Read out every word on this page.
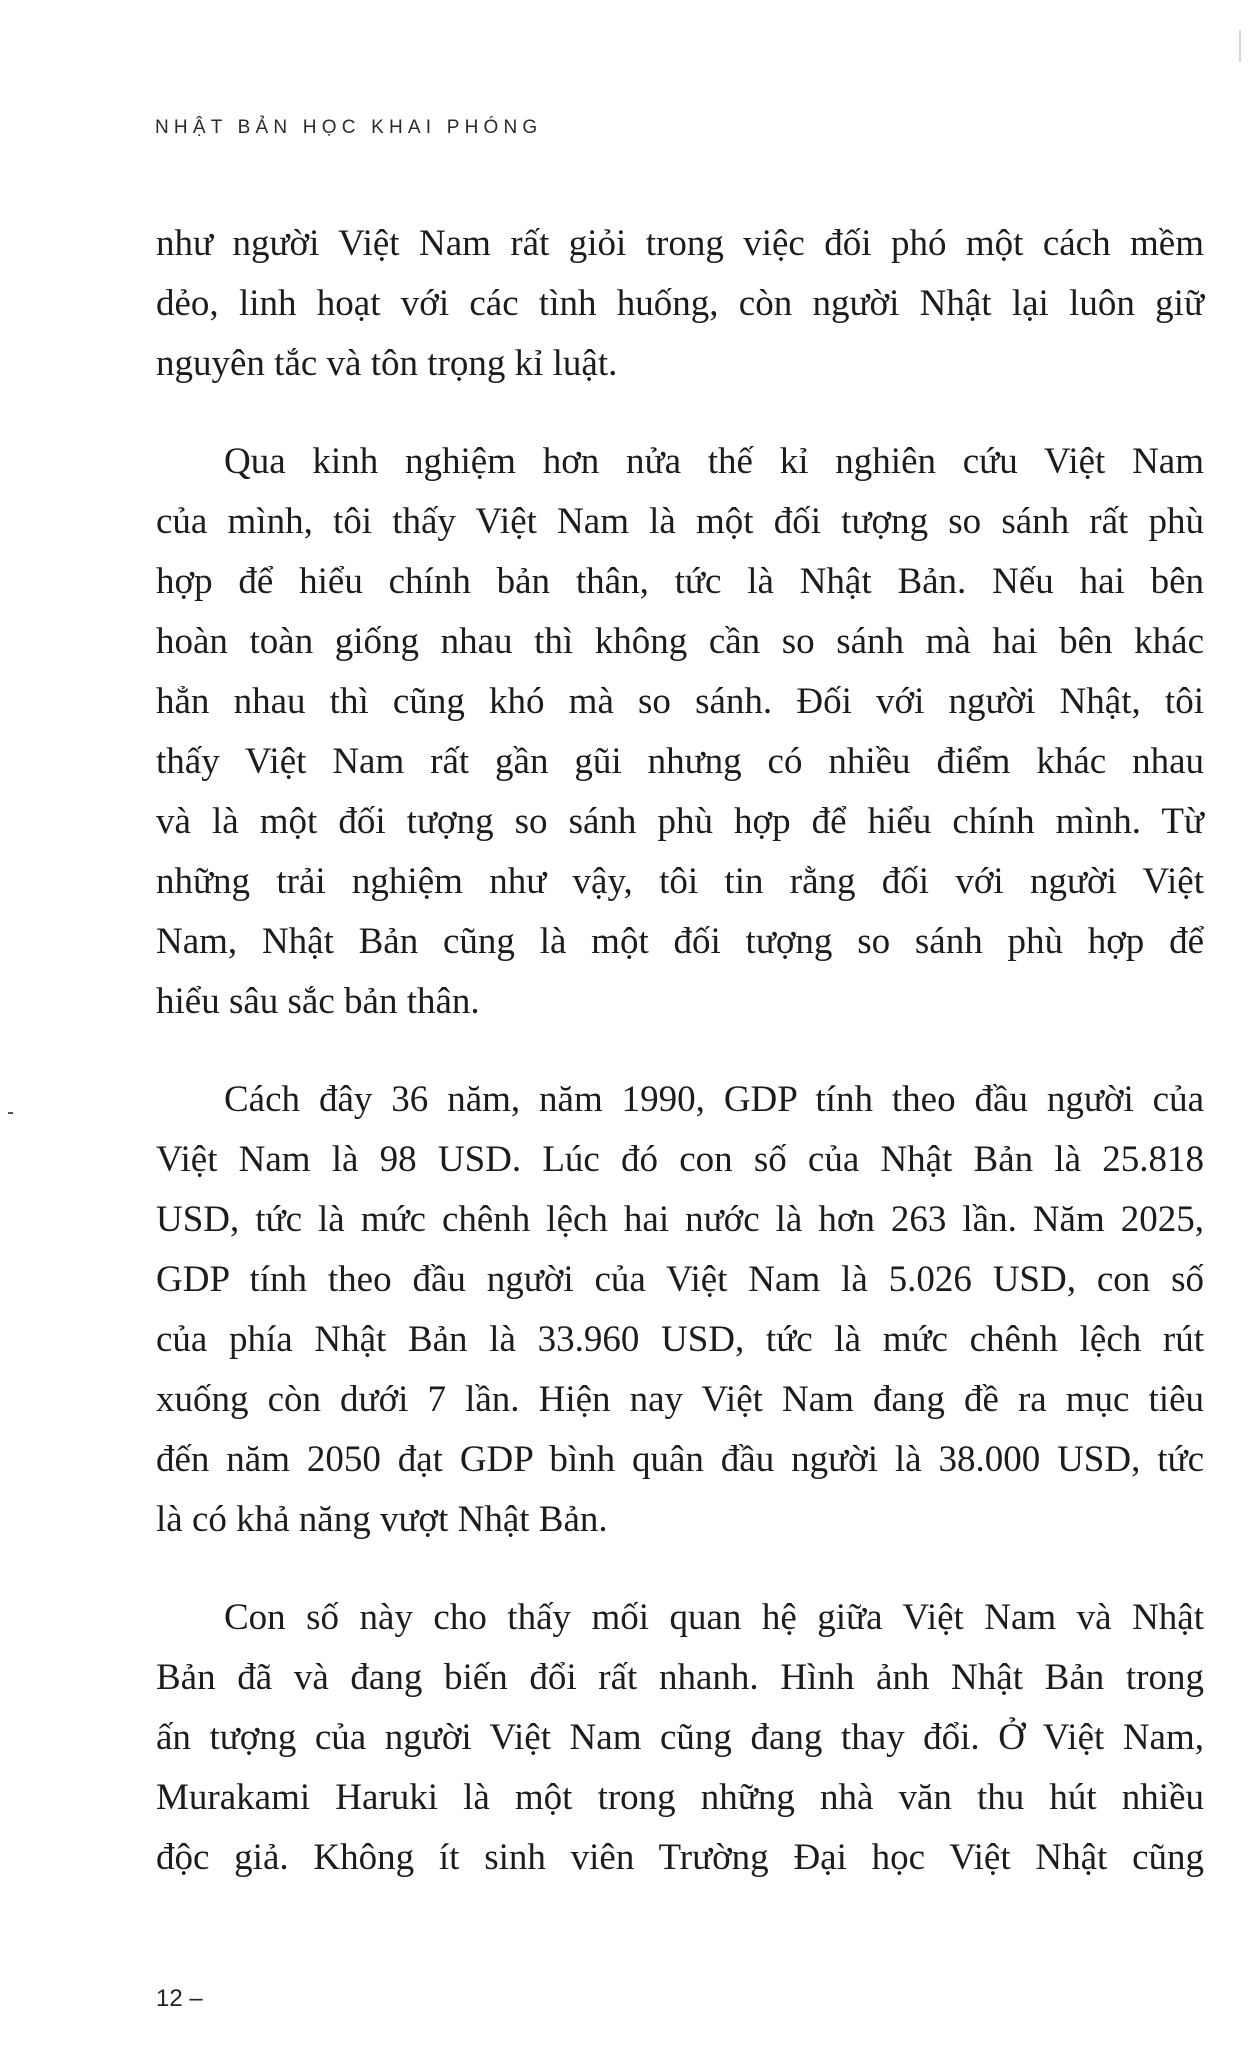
NHẬT BẢN HỌC KHAI PHÓNG
như người Việt Nam rất giỏi trong việc đối phó một cách mềm
dẻo, linh hoạt với các tình huống, còn người Nhật lại luôn giữ
nguyên tắc và tôn trọng kỉ luật.
Qua kinh nghiệm hơn nửa thế kỉ nghiên cứu Việt Nam
của mình, tôi thấy Việt Nam là một đối tượng so sánh rất phù
hợp để hiểu chính bản thân, tức là Nhật Bản. Nếu hai bên
hoàn toàn giống nhau thì không cần so sánh mà hai bên khác
hẳn nhau thì cũng khó mà so sánh. Đối với người Nhật, tôi
thấy Việt Nam rất gần gũi nhưng có nhiều điểm khác nhau
và là một đối tượng so sánh phù hợp để hiểu chính mình. Từ
những trải nghiệm như vậy, tôi tin rằng đối với người Việt
Nam, Nhật Bản cũng là một đối tượng so sánh phù hợp để
hiểu sâu sắc bản thân.
Cách đây 36 năm, năm 1990, GDP tính theo đầu người của
Việt Nam là 98 USD. Lúc đó con số của Nhật Bản là 25.818
USD, tức là mức chênh lệch hai nước là hơn 263 lần. Năm 2025,
GDP tính theo đầu người của Việt Nam là 5.026 USD, con số
của phía Nhật Bản là 33.960 USD, tức là mức chênh lệch rút
xuống còn dưới 7 lần. Hiện nay Việt Nam đang đề ra mục tiêu
đến năm 2050 đạt GDP bình quân đầu người là 38.000 USD, tức
là có khả năng vượt Nhật Bản.
Con số này cho thấy mối quan hệ giữa Việt Nam và Nhật
Bản đã và đang biến đổi rất nhanh. Hình ảnh Nhật Bản trong
ấn tượng của người Việt Nam cũng đang thay đổi. Ở Việt Nam,
Murakami Haruki là một trong những nhà văn thu hút nhiều
độc giả. Không ít sinh viên Trường Đại học Việt Nhật cũng
12 –
